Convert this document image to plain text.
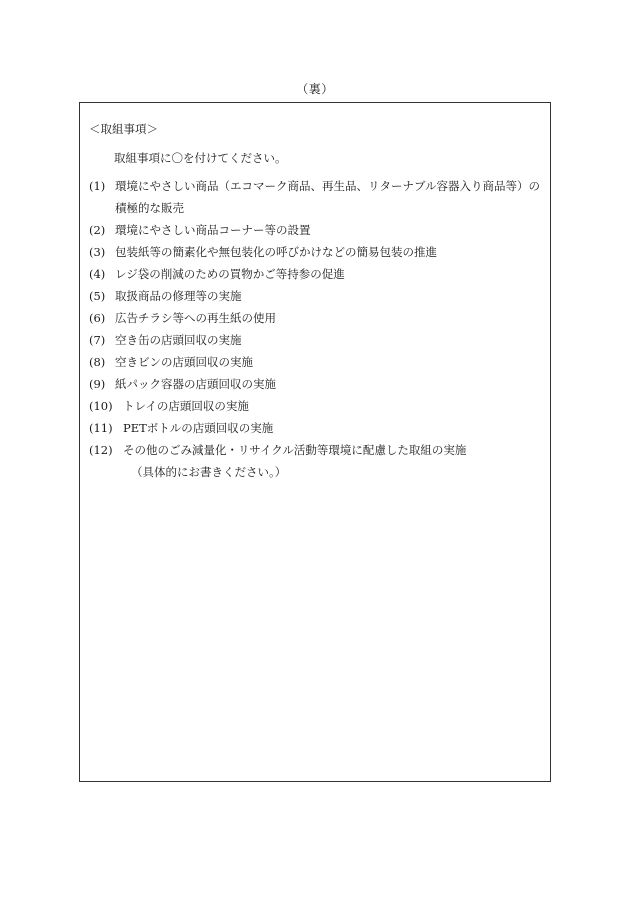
（裏）
＜取組事項＞
取組事項に〇を付けてください。
(1) 環境にやさしい商品（エコマーク商品、再生品、リターナブル容器入り商品等）の積極的な販売
(2) 環境にやさしい商品コーナー等の設置
(3) 包装紙等の簡素化や無包装化の呼びかけなどの簡易包装の推進
(4) レジ袋の削減のための買物かご等持参の促進
(5) 取扱商品の修理等の実施
(6) 広告チラシ等への再生紙の使用
(7) 空き缶の店頭回収の実施
(8) 空きビンの店頭回収の実施
(9) 紙パック容器の店頭回収の実施
(10) トレイの店頭回収の実施
(11) PETボトルの店頭回収の実施
(12) その他のごみ減量化・リサイクル活動等環境に配慮した取組の実施
（具体的にお書きください。）
